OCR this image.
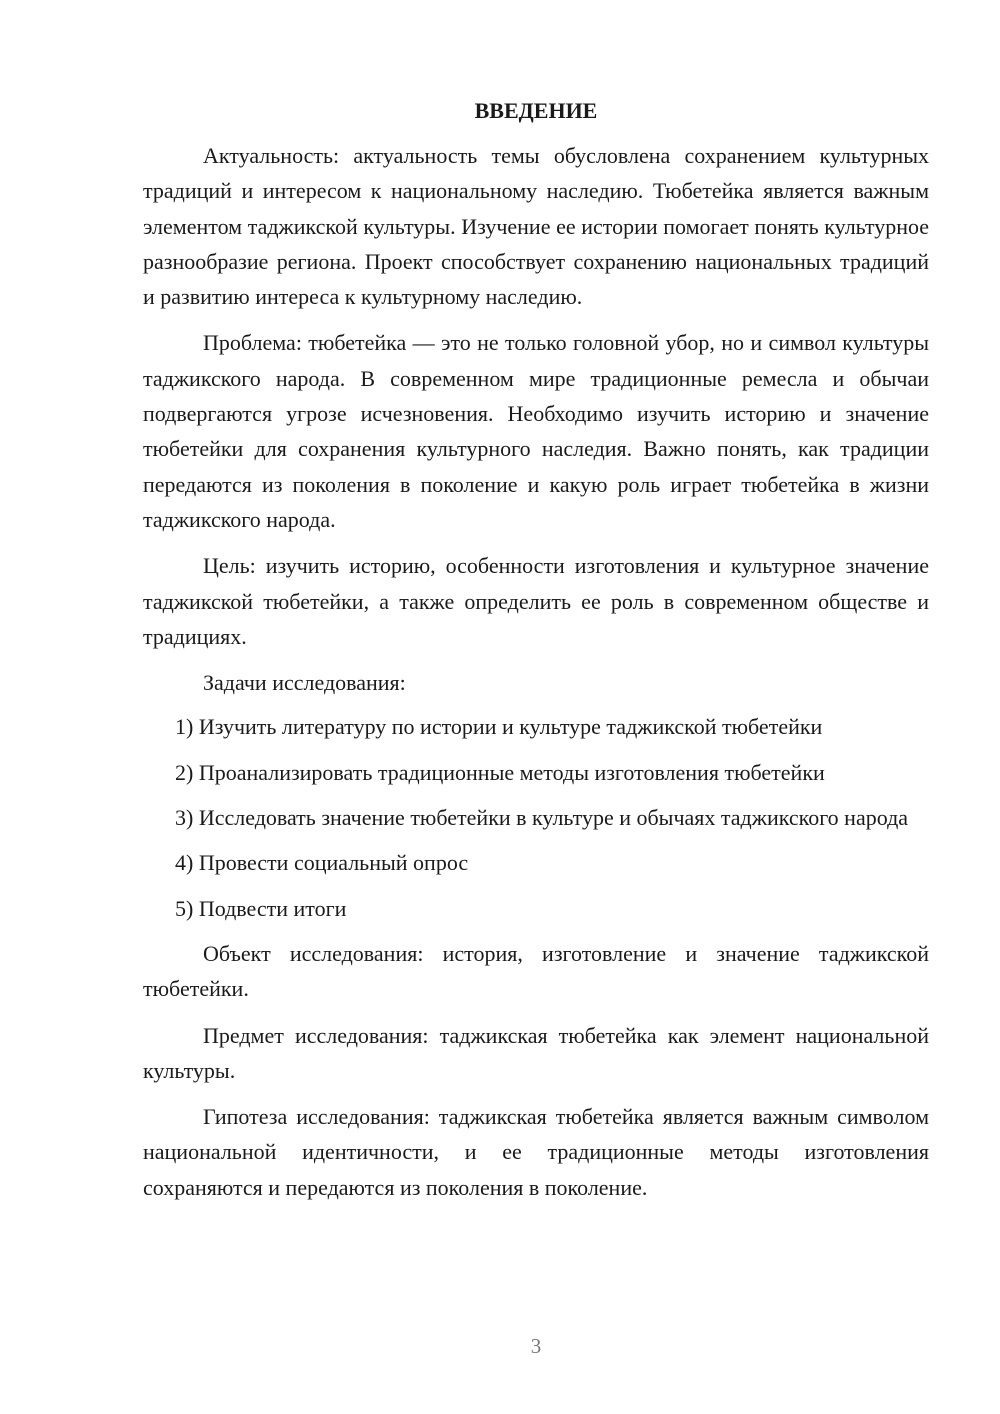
ВВЕДЕНИЕ

Актуальность: актуальность темы обусловлена сохранением культурных традиций и интересом к национальному наследию. Тюбетейка является важным элементом таджикской культуры. Изучение ее истории помогает понять культурное разнообразие региона. Проект способствует сохранению национальных традиций и развитию интереса к культурному наследию.

Проблема: тюбетейка — это не только головной убор, но и символ культуры таджикского народа. В современном мире традиционные ремесла и обычаи подвергаются угрозе исчезновения. Необходимо изучить историю и значение тюбетейки для сохранения культурного наследия. Важно понять, как традиции передаются из поколения в поколение и какую роль играет тюбетейка в жизни таджикского народа.

Цель: изучить историю, особенности изготовления и культурное значение таджикской тюбетейки, а также определить ее роль в современном обществе и традициях.

Задачи исследования:

1) Изучить литературу по истории и культуре таджикской тюбетейки

2) Проанализировать традиционные методы изготовления тюбетейки

3) Исследовать значение тюбетейки в культуре и обычаях таджикского народа

4) Провести социальный опрос

5) Подвести итоги

Объект исследования: история, изготовление и значение таджикской тюбетейки.

Предмет исследования: таджикская тюбетейка как элемент национальной культуры.

Гипотеза исследования: таджикская тюбетейка является важным символом национальной идентичности, и ее традиционные методы изготовления сохраняются и передаются из поколения в поколение.

3
